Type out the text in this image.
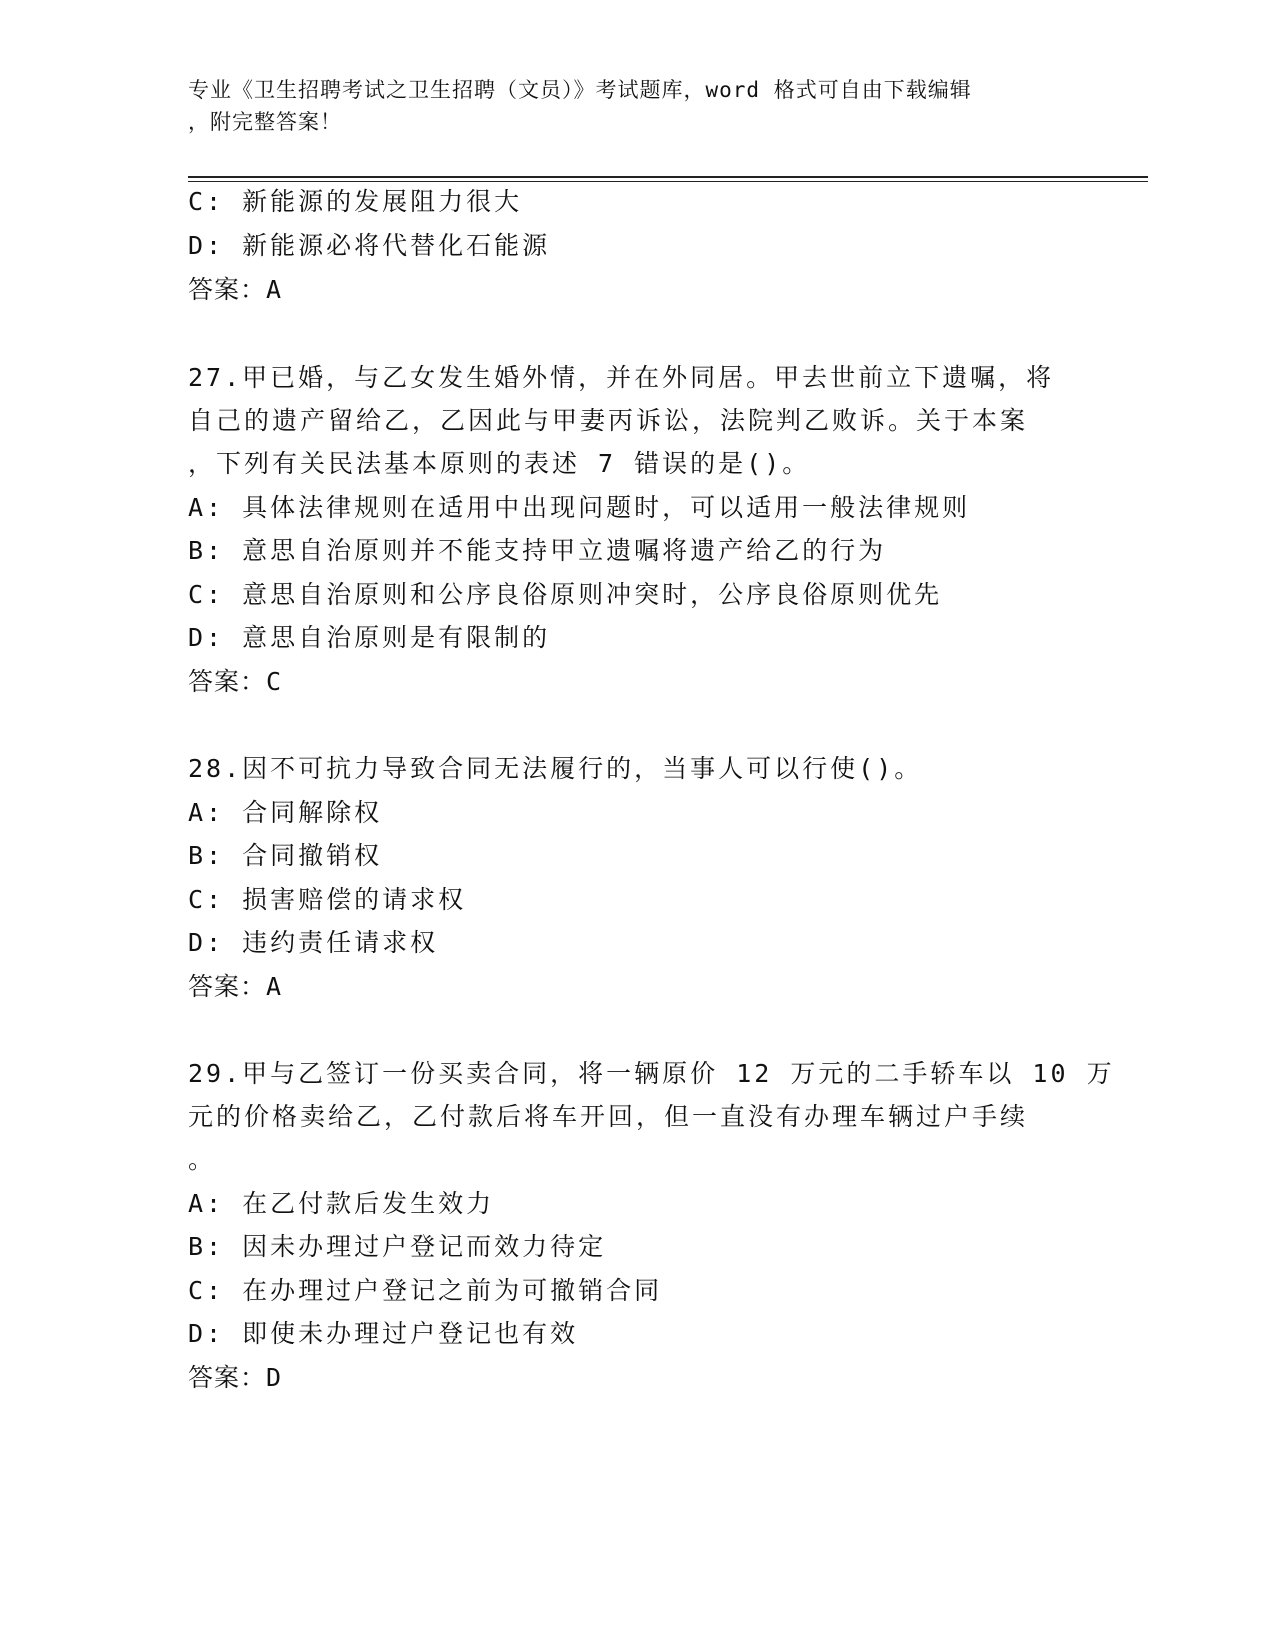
专业《卫生招聘考试之卫生招聘（文员）》考试题库，word 格式可自由下载编辑
，附完整答案！
C: 新能源的发展阻力很大
D: 新能源必将代替化石能源
答案：A
27.甲已婚，与乙女发生婚外情，并在外同居。甲去世前立下遗嘱，将
自己的遗产留给乙，乙因此与甲妻丙诉讼，法院判乙败诉。关于本案
，下列有关民法基本原则的表述 7 错误的是()。
A: 具体法律规则在适用中出现问题时，可以适用一般法律规则
B: 意思自治原则并不能支持甲立遗嘱将遗产给乙的行为
C: 意思自治原则和公序良俗原则冲突时，公序良俗原则优先
D: 意思自治原则是有限制的
答案：C
28.因不可抗力导致合同无法履行的，当事人可以行使()。
A: 合同解除权
B: 合同撤销权
C: 损害赔偿的请求权
D: 违约责任请求权
答案：A
29.甲与乙签订一份买卖合同，将一辆原价 12 万元的二手轿车以 10 万
元的价格卖给乙，乙付款后将车开回，但一直没有办理车辆过户手续
。
A: 在乙付款后发生效力
B: 因未办理过户登记而效力待定
C: 在办理过户登记之前为可撤销合同
D: 即使未办理过户登记也有效
答案：D
